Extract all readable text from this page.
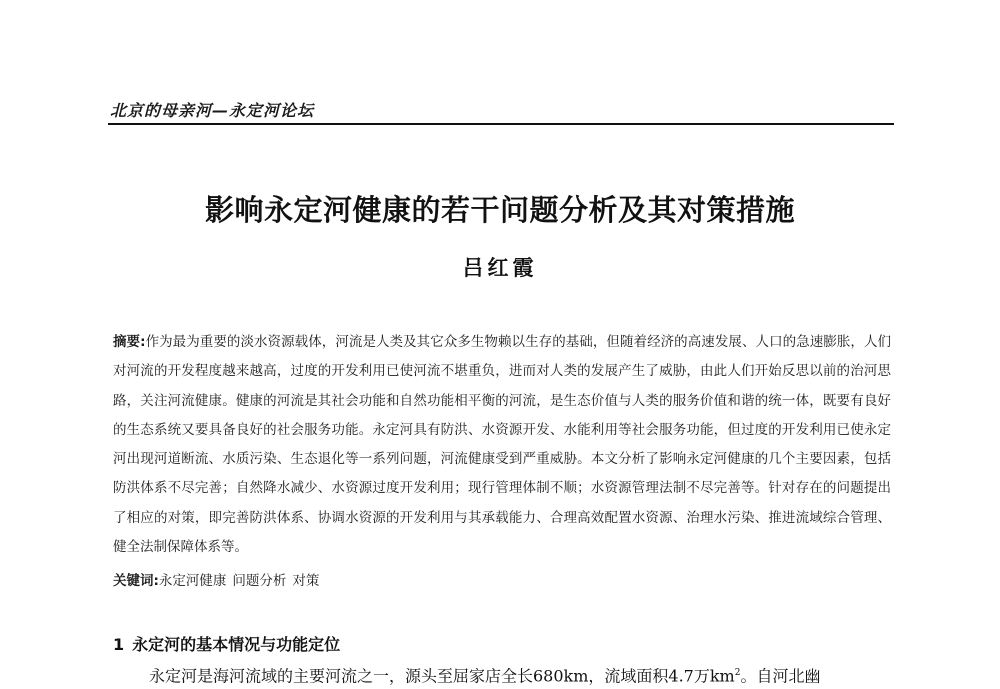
北京的母亲河—永定河论坛
影响永定河健康的若干问题分析及其对策措施
吕红霞
摘要:作为最为重要的淡水资源载体，河流是人类及其它众多生物赖以生存的基础，但随着经济的高速发展、人口的急速膨胀，人们对河流的开发程度越来越高，过度的开发利用已使河流不堪重负，进而对人类的发展产生了威胁，由此人们开始反思以前的治河思路，关注河流健康。健康的河流是其社会功能和自然功能相平衡的河流，是生态价值与人类的服务价值和谐的统一体，既要有良好的生态系统又要具备良好的社会服务功能。永定河具有防洪、水资源开发、水能利用等社会服务功能，但过度的开发利用已使永定河出现河道断流、水质污染、生态退化等一系列问题，河流健康受到严重威胁。本文分析了影响永定河健康的几个主要因素，包括防洪体系不尽完善；自然降水减少、水资源过度开发利用；现行管理体制不顺；水资源管理法制不尽完善等。针对存在的问题提出了相应的对策，即完善防洪体系、协调水资源的开发利用与其承载能力、合理高效配置水资源、治理水污染、推进流域综合管理、健全法制保障体系等。
关键词:永定河健康 问题分析 对策
1 永定河的基本情况与功能定位
永定河是海河流域的主要河流之一，源头至屈家店全长680km，流域面积4.7万$km^2$。自河北幽
